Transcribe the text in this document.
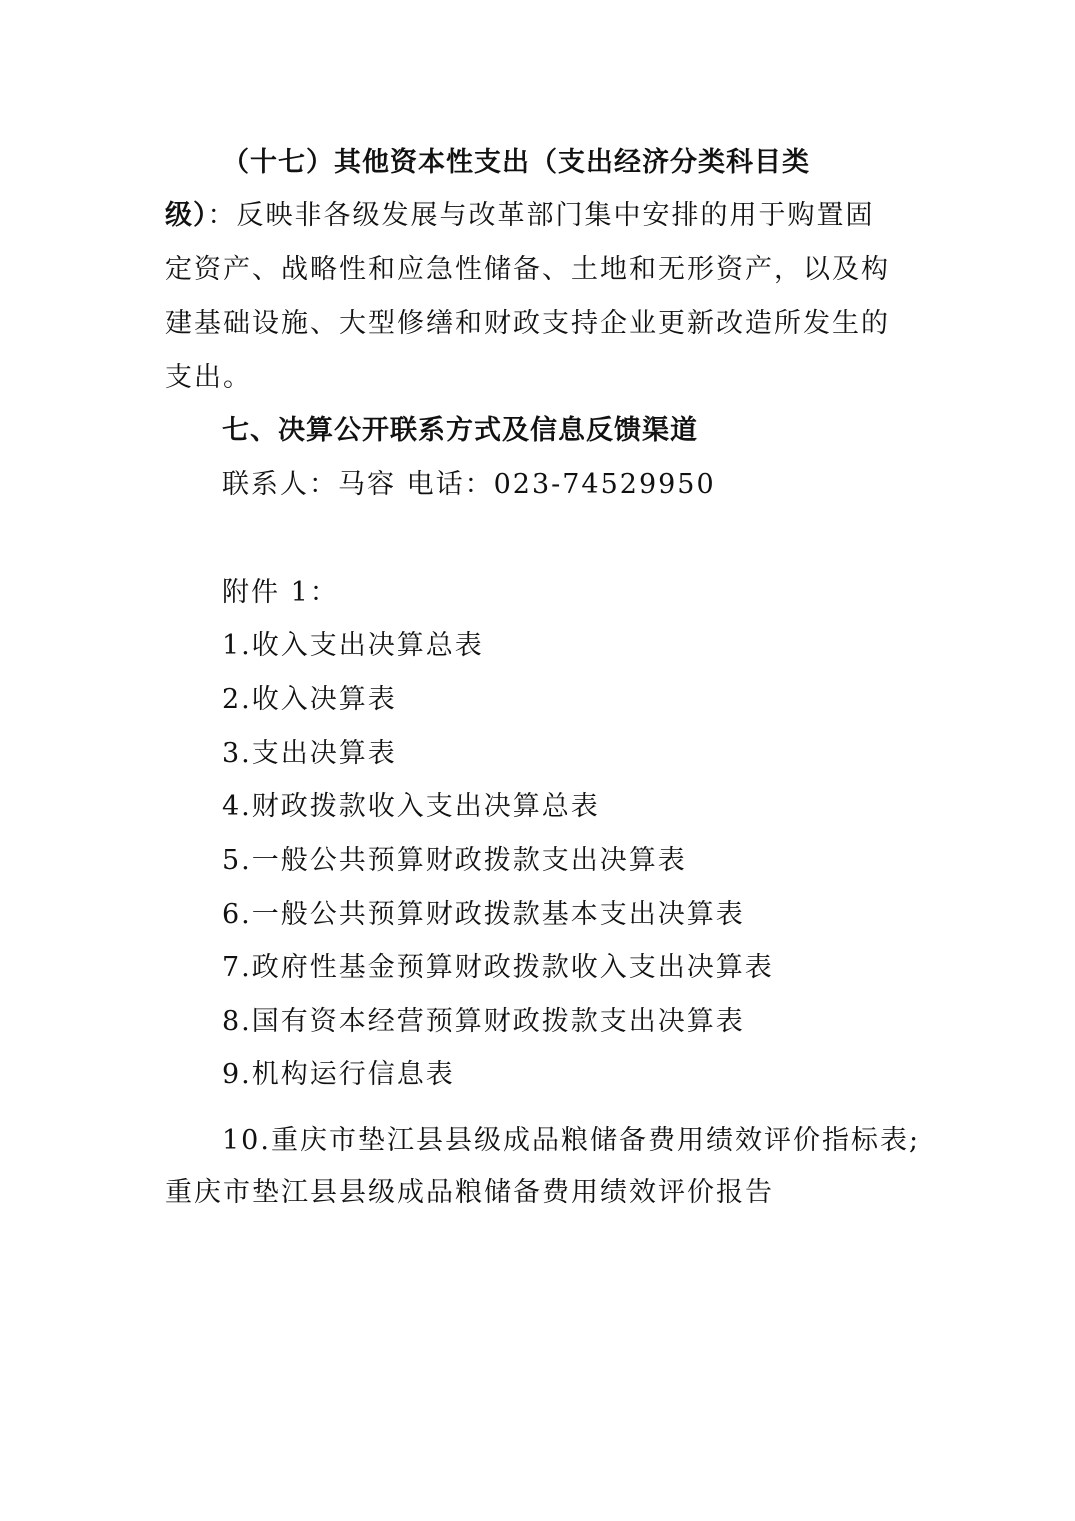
（十七）其他资本性支出（支出经济分类科目类

级）：反映非各级发展与改革部门集中安排的用于购置固

定资产、战略性和应急性储备、土地和无形资产，以及构

建基础设施、大型修缮和财政支持企业更新改造所发生的

支出。

七、决算公开联系方式及信息反馈渠道

联系人：马容 电话：023-74529950

附件 1：

1.收入支出决算总表

2.收入决算表

3.支出决算表

4.财政拨款收入支出决算总表

5.一般公共预算财政拨款支出决算表

6.一般公共预算财政拨款基本支出决算表

7.政府性基金预算财政拨款收入支出决算表

8.国有资本经营预算财政拨款支出决算表

9.机构运行信息表

10.重庆市垫江县县级成品粮储备费用绩效评价指标表;

重庆市垫江县县级成品粮储备费用绩效评价报告
